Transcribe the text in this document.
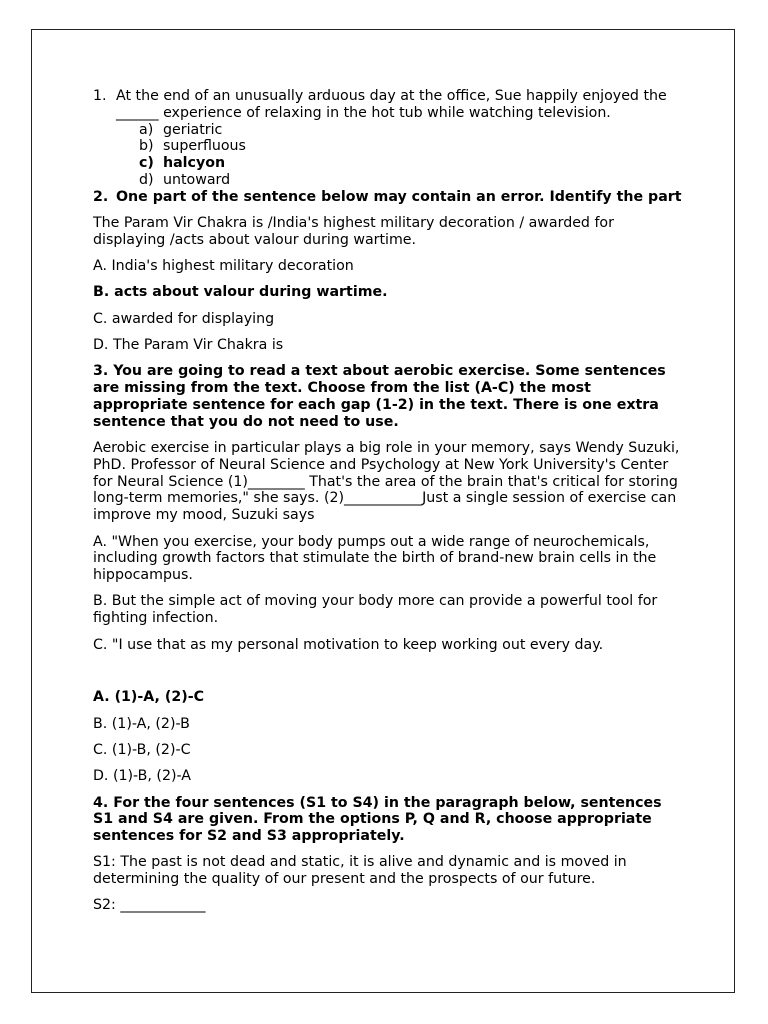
1. At the end of an unusually arduous day at the office, Sue happily enjoyed the ______ experience of relaxing in the hot tub while watching television.
a) geriatric
b) superfluous
c) halcyon
d) untoward
2. One part of the sentence below may contain an error. Identify the part

The Param Vir Chakra is /India's highest military decoration / awarded for displaying /acts about valour during wartime.

A. India's highest military decoration

B. acts about valour during wartime.

C. awarded for displaying

D. The Param Vir Chakra is

3. You are going to read a text about aerobic exercise. Some sentences are missing from the text. Choose from the list (A-C) the most appropriate sentence for each gap (1-2) in the text. There is one extra sentence that you do not need to use.

Aerobic exercise in particular plays a big role in your memory, says Wendy Suzuki, PhD. Professor of Neural Science and Psychology at New York University's Center for Neural Science (1)________ That's the area of the brain that's critical for storing long-term memories," she says. (2)___________Just a single session of exercise can improve my mood, Suzuki says

A. "When you exercise, your body pumps out a wide range of neurochemicals, including growth factors that stimulate the birth of brand-new brain cells in the hippocampus.

B. But the simple act of moving your body more can provide a powerful tool for fighting infection.

C. "I use that as my personal motivation to keep working out every day.

A. (1)-A, (2)-C

B. (1)-A, (2)-B

C. (1)-B, (2)-C

D. (1)-B, (2)-A

4. For the four sentences (S1 to S4) in the paragraph below, sentences S1 and S4 are given. From the options P, Q and R, choose appropriate sentences for S2 and S3 appropriately.

S1: The past is not dead and static, it is alive and dynamic and is moved in determining the quality of our present and the prospects of our future.

S2: ____________
